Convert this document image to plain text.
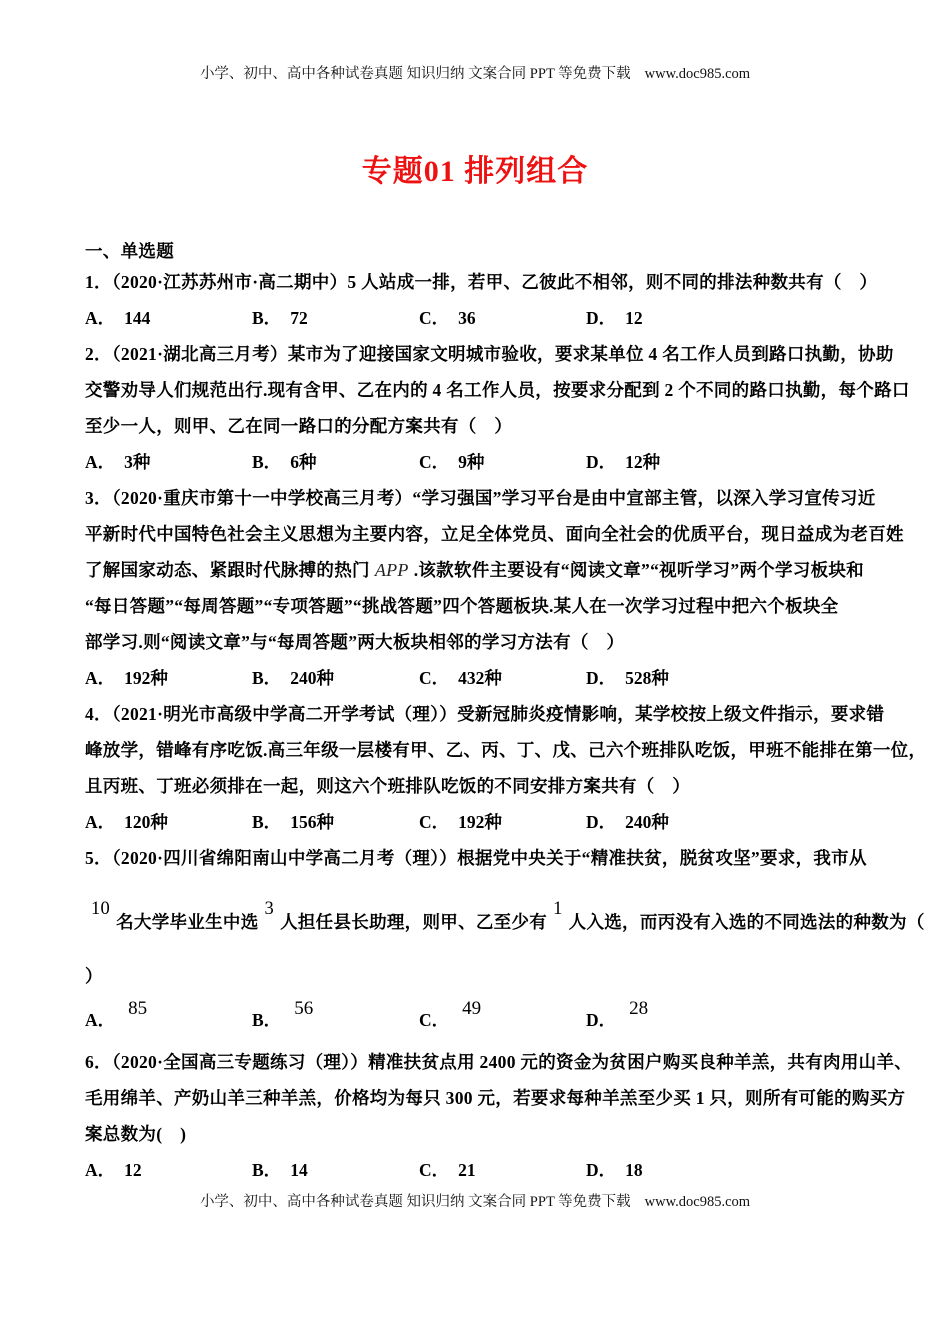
小学、初中、高中各种试卷真题 知识归纳 文案合同 PPT 等免费下载 www.doc985.com
专题01 排列组合
一、单选题
1．（2020·江苏苏州市·高二期中）5 人站成一排，若甲、乙彼此不相邻，则不同的排法种数共有（　）
A． 144	B． 72	C． 36	D． 12
2．（2021·湖北高三月考）某市为了迎接国家文明城市验收，要求某单位 4 名工作人员到路口执勤，协助
交警劝导人们规范出行.现有含甲、乙在内的 4 名工作人员，按要求分配到 2 个不同的路口执勤，每个路口
至少一人，则甲、乙在同一路口的分配方案共有（　）
A． 3种	B． 6种	C． 9种	D． 12种
3．（2020·重庆市第十一中学校高三月考）“学习强国”学习平台是由中宣部主管，以深入学习宣传习近
平新时代中国特色社会主义思想为主要内容，立足全体党员、面向全社会的优质平台，现日益成为老百姓
了解国家动态、紧跟时代脉搏的热门 APP .该款软件主要设有“阅读文章”“视听学习”两个学习板块和
“每日答题”“每周答题”“专项答题”“挑战答题”四个答题板块.某人在一次学习过程中把六个板块全
部学习.则“阅读文章”与“每周答题”两大板块相邻的学习方法有（　）
A． 192种	B． 240种	C． 432种	D． 528种
4．（2021·明光市高级中学高二开学考试（理））受新冠肺炎疫情影响，某学校按上级文件指示，要求错
峰放学，错峰有序吃饭.高三年级一层楼有甲、乙、丙、丁、戊、己六个班排队吃饭，甲班不能排在第一位，
且丙班、丁班必须排在一起，则这六个班排队吃饭的不同安排方案共有（　）
A． 120种	B． 156种	C． 192种	D． 240种
5．（2020·四川省绵阳南山中学高二月考（理））根据党中央关于“精准扶贫，脱贫攻坚”要求，我市从
10
名大学毕业生中选
3
人担任县长助理，则甲、乙至少有
1
人入选，而丙没有入选的不同选法的种数为（
）
A．85
B．56
C．49
D．28
6．（2020·全国高三专题练习（理））精准扶贫点用 2400 元的资金为贫困户购买良种羊羔，共有肉用山羊、
毛用绵羊、产奶山羊三种羊羔，价格均为每只 300 元，若要求每种羊羔至少买 1 只，则所有可能的购买方
案总数为(　)
A． 12	B． 14	C． 21	D． 18
小学、初中、高中各种试卷真题 知识归纳 文案合同 PPT 等免费下载 www.doc985.com
